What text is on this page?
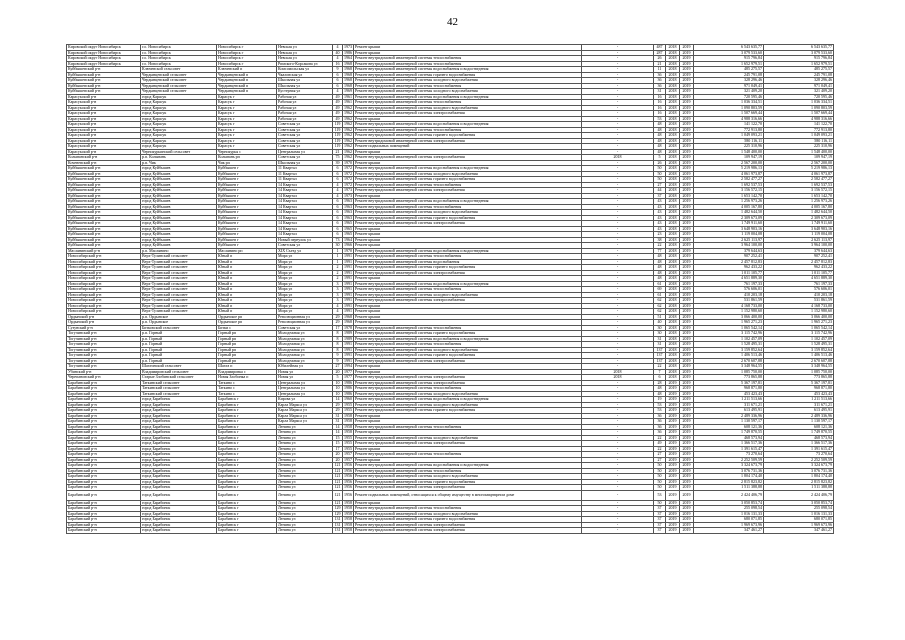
42
Кировский округ Новосибирск	г.о. Новосибирск	Новосибирск г	Невская ул	4	1973	Ремонт крыши	-	487	2018	2019	6 543 635,77	6 543 635,77
Кировский округ Новосибирск	г.о. Новосибирск	Новосибирск г	Невская ул	40	1986	Ремонт крыши	-	287	2018	2019	3 079 533,60	3 079 533,60
Кировский округ Новосибирск	г.о. Новосибирск	Новосибирск г	Невская ул	4	1964	Ремонт внутридомовой инженерной системы теплоснабжения	-	26	2018	2019	915 796,84	915 796,84
Кировский округ Новосибирск	г.о. Новосибирск	Новосибирск г	Римского-Корсакова ул	16	1968	Ремонт внутридомовой инженерной системы теплоснабжения	-	21	2018	2019	1 652 979,51	1 652 979,51
Куйбышевский р-н	Ключевской сельсовет	Ключевский п	Комсомольская ул	9	1968	Ремонт внутридомовой инженерной системы водоснабжения и водоотведения	-	11	2018	2019	485 275,57	485 275,57
Куйбышевский р-н	Чердынцевский сельсовет	Чердынцевский п	Чкаловская ул	6	1968	Ремонт внутридомовой инженерной системы горячего водоснабжения	-	36	2018	2019	245 791,08	245 791,08
Куйбышевский р-н	Чердынцевский сельсовет	Чердынцевский п	Школьная ул	6	1968	Ремонт внутридомовой инженерной системы холодного водоснабжения	-	36	2018	2019	328 296,46	328 296,46
Куйбышевский р-н	Чердынцевский сельсовет	Чердынцевский п	Школьная ул	6	1968	Ремонт внутридомовой инженерной системы теплоснабжения	-	36	2018	2019	971 049,41	971 049,41
Куйбышевский р-н	Чердынцевский сельсовет	Чердынцевский п	Кустерная ул	4	1969	Ремонт внутридомовой инженерной системы холодного водоснабжения	-	31	2018	2019	321 409,20	321 409,20
Карасукский р-н	город Карасук	Карасук г	Рабочая ул	49	1961	Ремонт внутридомовой инженерной системы водоснабжения и водоотведения	-	16	2018	2019	720 595,46	720 595,46
Карасукский р-н	город Карасук	Карасук г	Рабочая ул	49	1961	Ремонт внутридомовой инженерной системы теплоснабжения	-	16	2018	2019	1 036 334,51	1 036 334,51
Карасукский р-н	город Карасук	Карасук г	Рабочая ул	49	1962	Ремонт внутридомовой инженерной системы холодного водоснабжения	-	16	2018	2019	1 090 803,59	1 090 803,59
Карасукский р-н	город Карасук	Карасук г	Рабочая ул	49	1962	Ремонт внутридомовой инженерной системы электроснабжения	-	16	2018	2019	1 507 669,44	1 507 669,44
Карасукский р-н	город Карасук	Карасук г	Рабочая ул	49	1962	Ремонт крыши	-	53	2018	2019	4 988 316,66	4 988 316,66
Карасукский р-н	город Карасук	Карасук г	Советская ул	119	1962	Ремонт внутридомовой инженерной системы водоснабжения и водоотведения	-	48	2018	2019	141 122,70	141 122,70
Карасукский р-н	город Карасук	Карасук г	Советская ул	119	1962	Ремонт внутридомовой инженерной системы теплоснабжения	-	48	2018	2019	772 913,80	772 913,80
Карасукский р-н	город Карасук	Карасук г	Советская ул	119	1962	Ремонт внутридомовой инженерной системы горячего водоснабжения	-	48	2018	2019	1 049 093,21	1 049 093,21
Карасукский р-н	город Карасук	Карасук г	Советская ул	119	1962	Ремонт внутридомовой инженерной системы электроснабжения	-	48	2018	2019	580 116,11	580 116,11
Карасукский р-н	город Карасук	Карасук г	Советская ул	119	1962	Ремонт подвальных помещений	-	48	2018	2019	225 310,96	225 310,96
Карасукский р-н	Чернокурьинский сельсовет	Чернокурья с	Центральная ул	21	1962	Ремонт крыши	-	48	2018	2019	1 548 400,00	1 548 400,00
Колыванский р-н	р.п. Колывань	Колывань рп	Советская ул	75	1962	Ремонт внутридомовой инженерной системы электроснабжения	2018	5	2018	2019	109 947,19	109 947,19
Коченевский р-н	р.п. Чик	Чик рп	Школьная ул	39	1970	Ремонт крыши	-	26	2018	2019	2 567 200,00	2 567 200,00
Куйбышевский р-н	город Куйбышев	Куйбышев г	11 Квартал	6	1972	Ремонт внутридомовой инженерной системы водоснабжения и водоотведения	-	50	2018	2019	5 219 986,13	5 219 986,13
Куйбышевский р-н	город Куйбышев	Куйбышев г	11 Квартал	6	1972	Ремонт внутридомовой инженерной системы холодного водоснабжения	-	50	2018	2019	4 061 973,87	4 061 973,87
Куйбышевский р-н	город Куйбышев	Куйбышев г	11 Квартал	6	1972	Ремонт внутридомовой инженерной системы горячего водоснабжения	-	50	2018	2019	2 582 477,27	2 582 477,27
Куйбышевский р-н	город Куйбышев	Куйбышев г	14 Квартал	4	1972	Ремонт внутридомовой инженерной системы теплоснабжения	-	27	2018	2019	1 692 537,53	1 692 537,53
Куйбышевский р-н	город Куйбышев	Куйбышев г	14 Квартал	4	1973	Ремонт внутридомовой инженерной системы электроснабжения	-	44	2018	2019	3 156 572,15	3 156 572,15
Куйбышевский р-н	город Куйбышев	Куйбышев г	14 Квартал	4	1973	Ремонт крыши	-	37	2018	2019	1 653 142,70	1 653 142,70
Куйбышевский р-н	город Куйбышев	Куйбышев г	14 Квартал	6	1963	Ремонт внутридомовой инженерной системы водоснабжения и водоотведения	-	43	2018	2019	1 256 973,26	1 256 973,26
Куйбышевский р-н	город Куйбышев	Куйбышев г	14 Квартал	6	1963	Ремонт внутридомовой инженерной системы теплоснабжения	-	43	2018	2019	4 005 167,80	4 005 167,80
Куйбышевский р-н	город Куйбышев	Куйбышев г	14 Квартал	6	1963	Ремонт внутридомовой инженерной системы холодного водоснабжения	-	43	2018	2019	1 482 644,50	1 482 644,50
Куйбышевский р-н	город Куйбышев	Куйбышев г	14 Квартал	6	1963	Ремонт внутридомовой инженерной системы горячего водоснабжения	-	43	2018	2019	2 309 673,09	2 309 673,09
Куйбышевский р-н	город Куйбышев	Куйбышев г	14 Квартал	6	1965	Ремонт внутридомовой инженерной системы электроснабжения	-	43	2018	2019	1 749 911,60	1 749 911,60
Куйбышевский р-н	город Куйбышев	Куйбышев г	14 Квартал	6	1965	Ремонт крыши	-	43	2018	2019	3 648 903,16	3 648 903,16
Куйбышевский р-н	город Куйбышев	Куйбышев г	14 Квартал	6	1965	Ремонт крыши	-	23	2018	2019	1 119 004,08	1 119 004,08
Куйбышевский р-н	город Куйбышев	Куйбышев г	Новый переулок ул	73	1964	Ремонт крыши	-	38	2018	2019	2 625 113,97	2 625 113,97
Куйбышевский р-н	город Куйбышев	Куйбышев г	Советская ул	30	1966	Ремонт крыши	-	22	2018	2019	3 964 100,00	3 964 100,00
Маслянинский р-н	р.п. Маслянино	Маслянино рп	XIX Съезд ул	1	1970	Ремонт внутридомовой инженерной системы водоснабжения и водоотведения	-	77	2018	2019	379 644,63	379 644,63
Новосибирский р-н	Верх-Тулинский сельсовет	Юный п	Мира ул	1	1991	Ремонт внутридомовой инженерной системы теплоснабжения	-	48	2018	2019	907 252,41	907 252,41
Новосибирский р-н	Верх-Тулинский сельсовет	Юный п	Мира ул	1	1991	Ремонт внутридомовой инженерной системы водоснабжения	-	48	2018	2019	2 457 812,83	2 457 812,83
Новосибирский р-н	Верх-Тулинский сельсовет	Юный п	Мира ул	2	1991	Ремонт внутридомовой инженерной системы горячего водоснабжения	-	48	2018	2019	962 433,22	962 433,22
Новосибирский р-н	Верх-Тулинский сельсовет	Юный п	Мира ул	2	1991	Ремонт внутридомовой инженерной системы электроснабжения	-	48	2018	2019	1 011 105,77	1 011 105,77
Новосибирский р-н	Верх-Тулинский сельсовет	Юный п	Мира ул	2	1991	Ремонт крыши	-	48	2018	2019	4 651 889,30	4 651 889,30
Новосибирский р-н	Верх-Тулинский сельсовет	Юный п	Мира ул	3	1991	Ремонт внутридомовой инженерной системы водоснабжения и водоотведения	-	61	2018	2019	761 197,33	761 197,33
Новосибирский р-н	Верх-Тулинский сельсовет	Юный п	Мира ул	3	1991	Ремонт внутридомовой инженерной системы теплоснабжения	-	69	2018	2019	576 606,01	576 606,01
Новосибирский р-н	Верх-Тулинский сельсовет	Юный п	Мира ул	3	1991	Ремонт внутридомовой инженерной системы холодного водоснабжения	-	61	2018	2019	410 203,18	410 203,18
Новосибирский р-н	Верх-Тулинский сельсовет	Юный п	Мира ул	3	1991	Ремонт внутридомовой инженерной системы электроснабжения	-	62	2018	2019	531 861,59	531 861,59
Новосибирский р-н	Верх-Тулинский сельсовет	Юный п	Мира ул	4	1991	Ремонт крыши	-	62	2018	2019	4 168 733,00	4 168 733,00
Новосибирский р-н	Верх-Тулинский сельсовет	Юный п	Мира ул	4	1991	Ремонт крыши	-	62	2018	2019	1 152 980,60	1 152 980,60
Ордынский р-н	р.п. Ордынское	Ордынское рп	Революционная ул	29	1968	Ремонт крыши	-	51	2018	2019	3 066 400,00	3 066 400,00
Ордынский р-н	р.п. Ордынское	Ордынское рп	Революционная ул	29	1968	Ремонт крыши	-	40	2018	2019	1 965 271,23	1 965 271,23
Сузунский р-н	Битковский сельсовет	Битки с	Советская ул	17	1978	Ремонт внутридомовой инженерной системы теплоснабжения	-	30	2018	2019	1 065 542,14	1 065 542,14
Тогучинский р-н	р.п. Горный	Горный рп	Молодежная ул	8	1989	Ремонт внутридомовой инженерной системы горячего водоснабжения	-	30	2018	2019	3 115 742,96	3 115 742,96
Тогучинский р-н	р.п. Горный	Горный рп	Молодежная ул	8	1989	Ремонт внутридомовой инженерной системы водоснабжения и водоотведения	-	31	2018	2019	1 102 457,09	1 102 457,09
Тогучинский р-н	р.п. Горный	Горный рп	Молодежная ул	8	1991	Ремонт внутридомовой инженерной системы теплоснабжения	-	31	2018	2019	1 528 495,31	1 528 495,31
Тогучинский р-н	р.п. Горный	Горный рп	Молодежная ул	8	1991	Ремонт внутридомовой инженерной системы холодного водоснабжения	-	137	2018	2019	3 159 852,64	3 159 852,64
Тогучинский р-н	р.п. Горный	Горный рп	Молодежная ул	9	1991	Ремонт внутридомовой инженерной системы горячего водоснабжения	-	137	2018	2019	1 406 513,46	1 406 513,46
Тогучинский р-н	р.п. Горный	Горный рп	Молодежная ул	9	1991	Ремонт внутридомовой инженерной системы электроснабжения	-	137	2018	2019	2 670 607,88	2 670 607,88
Тогучинский р-н	Шахтинский сельсовет	Шахта п	Юбилейная ул	27	1994	Ремонт крыши	-	22	2018	2019	3 348 964,55	3 348 964,55
Убинский р-н	Владимировский сельсовет	Владимировка с	Новая ул	20	1977	Ремонт крыши	2018	7	2018	2019	1 085 750,00	1 085 750,00
Черепановский р-н	Старые Злобинский сельсовет	Новая Злобинка п	Новая ул	5	1977	Ремонт внутридомовой инженерной системы электроснабжения	2018	6	2018	2019	773 865,88	773 865,88
Барабинский р-н	Таткинский сельсовет	Таткино с	Центральная ул	10	1986	Ремонт внутридомовой инженерной системы электроснабжения	-	28	2019	2019	5 367 197,81	5 367 197,81
Барабинский р-н	Таткинский сельсовет	Таткино с	Центральная ул	10	1986	Ремонт внутридомовой инженерной системы теплоснабжения	-	48	2019	2019	968 871,80	968 871,80
Барабинский р-н	Таткинский сельсовет	Таткино с	Центральная ул	10	1986	Ремонт внутридомовой инженерной системы холодного водоснабжения	-	48	2019	2019	453 423,43	453 423,43
Барабинский р-н	город Барабинск	Барабинск г	Кирова ул	14	1960	Ремонт внутридомовой инженерной системы водоснабжения и водоотведения	-	19	2019	2019	1 211 513,66	1 211 513,66
Барабинский р-н	город Барабинск	Барабинск г	Карла Маркса ул	29	1955	Ремонт внутридомовой инженерной системы холодного водоснабжения	-	53	2019	2019	311 671,21	311 671,21
Барабинский р-н	город Барабинск	Барабинск г	Карла Маркса ул	29	1955	Ремонт внутридомовой инженерной системы горячего водоснабжения	-	53	2019	2019	613 495,91	613 495,91
Барабинский р-н	город Барабинск	Барабинск г	Карла Маркса ул	31	1958	Ремонт крыши	-	36	2019	2019	2 489 336,96	2 489 336,96
Барабинский р-н	город Барабинск	Барабинск г	Карла Маркса ул	31	1958	Ремонт крыши	-	36	2019	2019	1 130 597,17	1 130 597,17
Барабинский р-н	город Барабинск	Барабинск г	Ленина ул	14	1958	Ремонт внутридомовой инженерной системы теплоснабжения	-	36	2019	2019	608 121,36	608 121,36
Барабинский р-н	город Барабинск	Барабинск г	Ленина ул	14	1958	Ремонт крыши	-	36	2019	2019	1 749 870,55	1 749 870,55
Барабинский р-н	город Барабинск	Барабинск г	Ленина ул	15	1955	Ремонт внутридомовой инженерной системы холодного водоснабжения	-	22	2019	2019	468 573,94	468 573,94
Барабинский р-н	город Барабинск	Барабинск г	Ленина ул	15	1955	Ремонт внутридомовой инженерной системы электроснабжения	-	49	2019	2019	1 366 517,36	1 366 517,36
Барабинский р-н	город Барабинск	Барабинск г	Ленина ул	17	1955	Ремонт крыши	-	22	2019	2019	1 391 615,47	1 391 615,47
Барабинский р-н	город Барабинск	Барабинск г	Ленина ул	20	1957	Ремонт внутридомовой инженерной системы теплоснабжения	-	27	2019	2019	73 270,64	73 270,64
Барабинский р-н	город Барабинск	Барабинск г	Ленина ул	20	1957	Ремонт крыши	-	27	2019	2019	2 252 509,59	2 252 509,59
Барабинский р-н	город Барабинск	Барабинск г	Ленина ул	121	1956	Ремонт внутридомовой инженерной системы водоснабжения и водоотведения	-	50	2019	2019	3 324 673,79	3 324 673,79
Барабинский р-н	город Барабинск	Барабинск г	Ленина ул	121	1956	Ремонт внутридомовой инженерной системы теплоснабжения	-	50	2019	2019	3 076 731,36	3 076 731,36
Барабинский р-н	город Барабинск	Барабинск г	Ленина ул	121	1956	Ремонт внутридомовой инженерной системы холодного водоснабжения	-	50	2019	2019	1 804 174,40	1 804 174,40
Барабинский р-н	город Барабинск	Барабинск г	Ленина ул	121	1956	Ремонт внутридомовой инженерной системы горячего водоснабжения	-	50	2019	2019	2 815 823,82	2 815 823,82
Барабинский р-н	город Барабинск	Барабинск г	Ленина ул	121	1956	Ремонт внутридомовой инженерной системы электроснабжения	-	50	2019	2019	1 511 388,88	1 511 388,88
Барабинский р-н	город Барабинск	Барабинск г	Ленина ул	121	1956	Ремонт подвальных помещений, относящихся к общему имуществу в многоквартирном доме	-	53	2019	2019	2 424 406,79	2 424 406,79
Барабинский р-н	город Барабинск	Барабинск г	Ленина ул	121	1958	Ремонт крыши	-	50	2019	2019	3 050 853,74	3 050 853,74
Барабинский р-н	город Барабинск	Барабинск г	Ленина ул	129	1958	Ремонт внутридомовой инженерной системы теплоснабжения	-	37	2019	2019	255 098,54	255 098,54
Барабинский р-н	город Барабинск	Барабинск г	Ленина ул	129	1958	Ремонт внутридомовой инженерной системы холодного водоснабжения	-	37	2019	2019	1 016 131,33	1 016 131,33
Барабинский р-н	город Барабинск	Барабинск г	Ленина ул	131	1958	Ремонт внутридомовой инженерной системы горячего водоснабжения	-	37	2019	2019	680 071,85	680 071,85
Барабинский р-н	город Барабинск	Барабинск г	Ленина ул	131	1958	Ремонт внутридомовой инженерной системы электроснабжения	-	37	2019	2019	1 969 673,96	1 969 673,96
Барабинский р-н	город Барабинск	Барабинск г	Ленина ул	131	1958	Ремонт внутридомовой инженерной системы электроснабжения	-	37	2019	2019	347 461,27	347 461,27
